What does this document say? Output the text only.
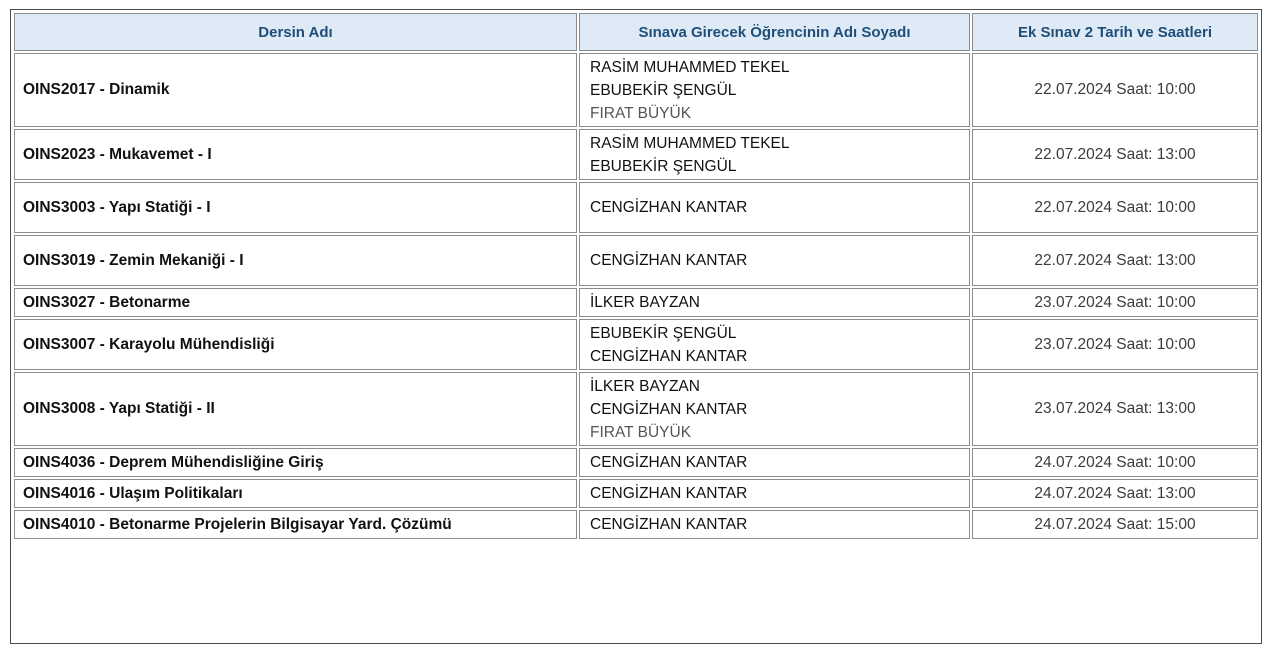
Dersin Adı	Sınava Girecek Öğrencinin Adı Soyadı	Ek Sınav 2 Tarih ve Saatleri
OINS2017 - Dinamik	RASİM MUHAMMED TEKEL
EBUBEKİR ŞENGÜL
FIRAT BÜYÜK	22.07.2024 Saat: 10:00
OINS2023 - Mukavemet - I	RASİM MUHAMMED TEKEL
EBUBEKİR ŞENGÜL	22.07.2024 Saat: 13:00
OINS3003 - Yapı Statiği - I	CENGİZHAN KANTAR	22.07.2024 Saat: 10:00
OINS3019 - Zemin Mekaniği - I	CENGİZHAN KANTAR	22.07.2024 Saat: 13:00
OINS3027 - Betonarme	İLKER BAYZAN	23.07.2024 Saat: 10:00
OINS3007 - Karayolu Mühendisliği	EBUBEKİR ŞENGÜL
CENGİZHAN KANTAR	23.07.2024 Saat: 10:00
OINS3008 - Yapı Statiği - II	İLKER BAYZAN
CENGİZHAN KANTAR
FIRAT BÜYÜK	23.07.2024 Saat: 13:00
OINS4036 - Deprem Mühendisliğine Giriş	CENGİZHAN KANTAR	24.07.2024 Saat: 10:00
OINS4016 - Ulaşım Politikaları	CENGİZHAN KANTAR	24.07.2024 Saat: 13:00
OINS4010 - Betonarme Projelerin Bilgisayar Yard. Çözümü	CENGİZHAN KANTAR	24.07.2024 Saat: 15:00
